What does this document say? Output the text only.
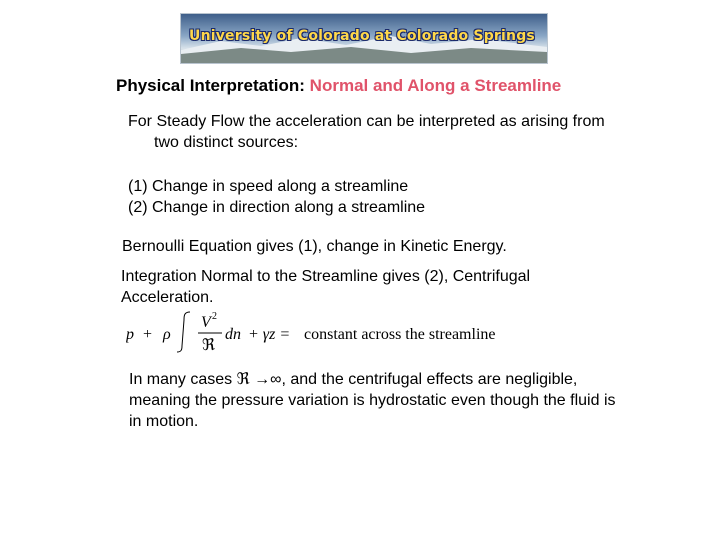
University of Colorado at Colorado Springs
Physical Interpretation: Normal and Along a Streamline
For Steady Flow the acceleration can be interpreted as arising from
two distinct sources:
(1) Change in speed along a streamline
(2) Change in direction along a streamline
Bernoulli Equation gives (1), change in Kinetic Energy.
Integration Normal to the Streamline gives (2), Centrifugal
Acceleration.
p + ρ
V 2
ℜ
dn + γz = constant across the streamline
In many cases ℜ →∞, and the centrifugal effects are negligible,
meaning the pressure variation is hydrostatic even though the fluid is
in motion.
